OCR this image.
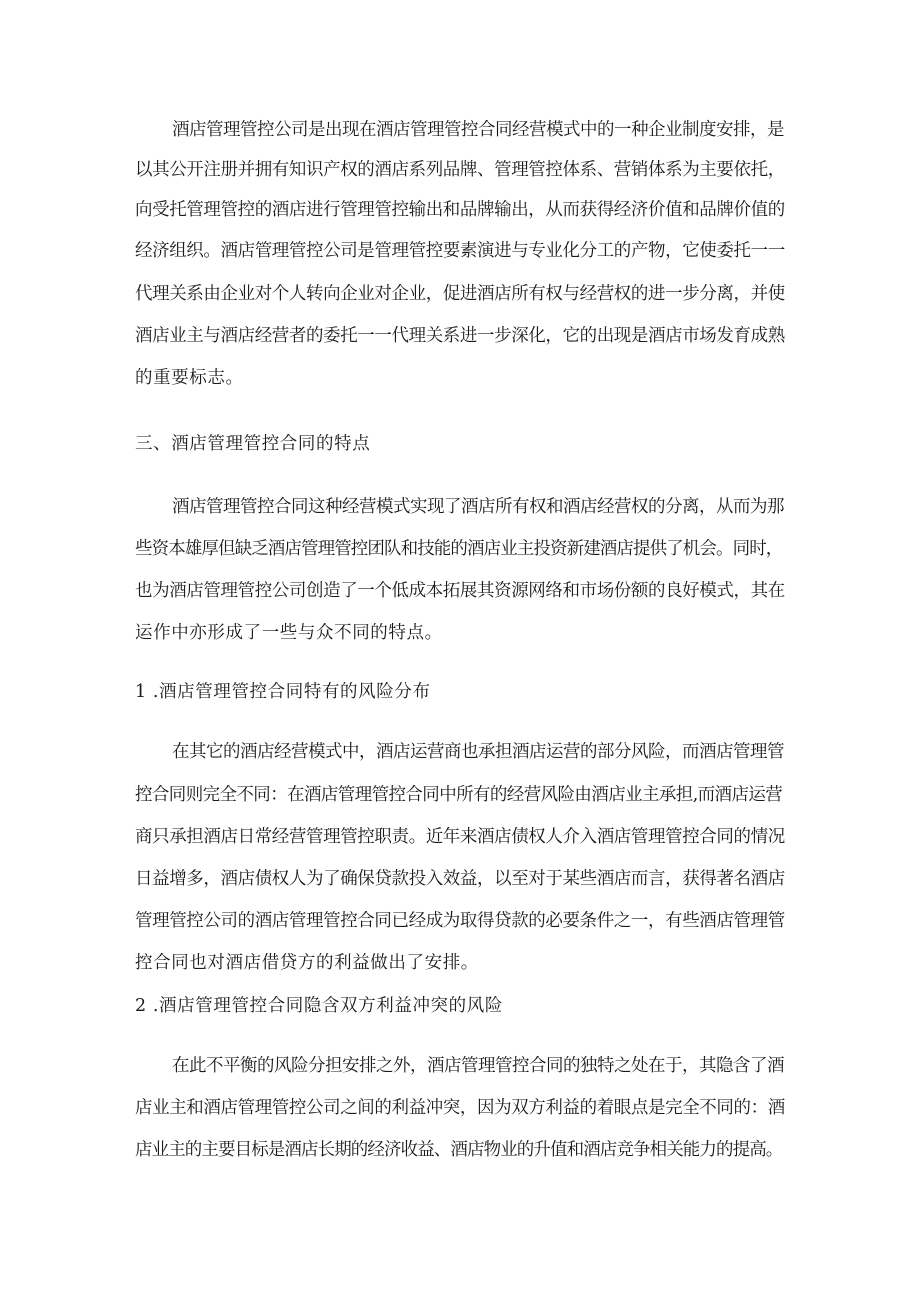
酒店管理管控公司是出现在酒店管理管控合同经营模式中的一种企业制度安排，是
以其公开注册并拥有知识产权的酒店系列品牌、管理管控体系、营销体系为主要依托，
向受托管理管控的酒店进行管理管控输出和品牌输出，从而获得经济价值和品牌价值的
经济组织。酒店管理管控公司是管理管控要素演进与专业化分工的产物，它使委托一一
代理关系由企业对个人转向企业对企业，促进酒店所有权与经营权的进一步分离，并使
酒店业主与酒店经营者的委托一一代理关系进一步深化，它的出现是酒店市场发育成熟
的重要标志。
三、酒店管理管控合同的特点
酒店管理管控合同这种经营模式实现了酒店所有权和酒店经营权的分离，从而为那
些资本雄厚但缺乏酒店管理管控团队和技能的酒店业主投资新建酒店提供了机会。同时，
也为酒店管理管控公司创造了一个低成本拓展其资源网络和市场份额的良好模式，其在
运作中亦形成了一些与众不同的特点。
1 .酒店管理管控合同特有的风险分布
在其它的酒店经营模式中，酒店运营商也承担酒店运营的部分风险，而酒店管理管
控合同则完全不同：在酒店管理管控合同中所有的经营风险由酒店业主承担,而酒店运营
商只承担酒店日常经营管理管控职责。近年来酒店债权人介入酒店管理管控合同的情况
日益增多，酒店债权人为了确保贷款投入效益，以至对于某些酒店而言，获得著名酒店
管理管控公司的酒店管理管控合同已经成为取得贷款的必要条件之一，有些酒店管理管
控合同也对酒店借贷方的利益做出了安排。
2 .酒店管理管控合同隐含双方利益冲突的风险
在此不平衡的风险分担安排之外，酒店管理管控合同的独特之处在于，其隐含了酒
店业主和酒店管理管控公司之间的利益冲突，因为双方利益的着眼点是完全不同的：酒
店业主的主要目标是酒店长期的经济收益、酒店物业的升值和酒店竞争相关能力的提高。
